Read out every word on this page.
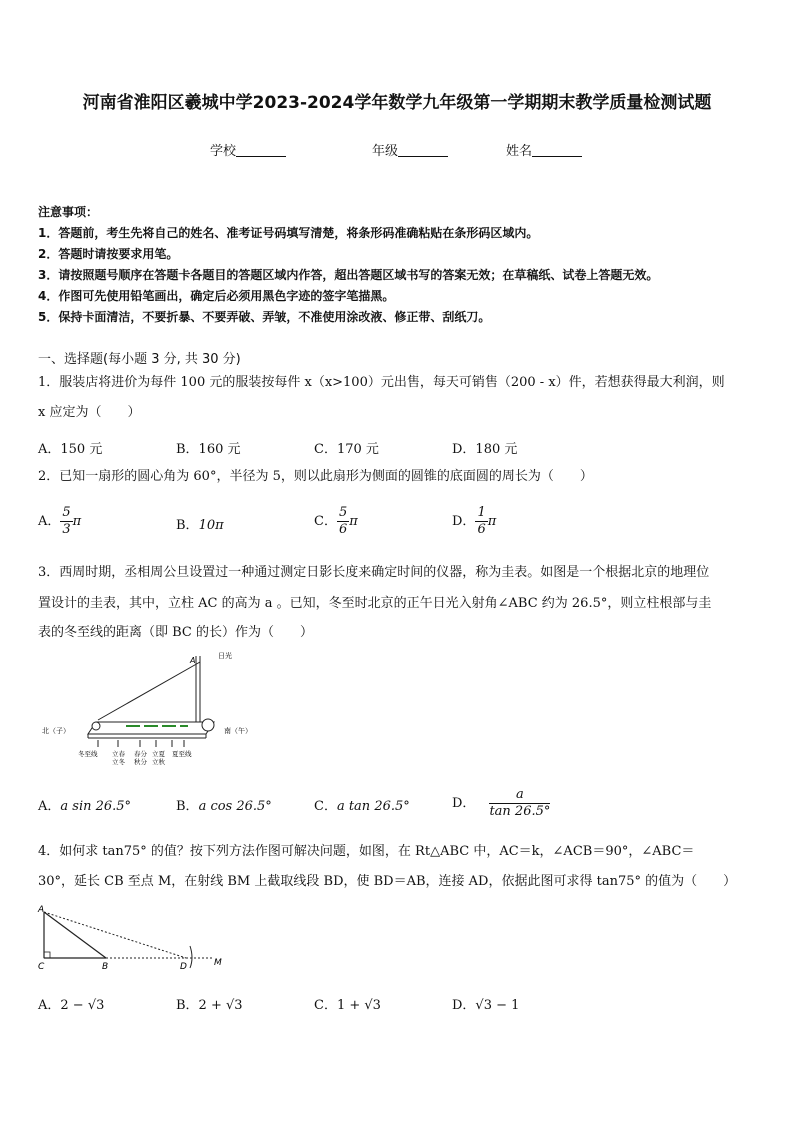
河南省淮阳区羲城中学2023-2024学年数学九年级第一学期期末教学质量检测试题
学校	年级	姓名
注意事项：
1．答题前，考生先将自己的姓名、准考证号码填写清楚，将条形码准确粘贴在条形码区域内。
2．答题时请按要求用笔。
3．请按照题号顺序在答题卡各题目的答题区域内作答，超出答题区域书写的答案无效；在草稿纸、试卷上答题无效。
4．作图可先使用铅笔画出，确定后必须用黑色字迹的签字笔描黑。
5．保持卡面清洁，不要折暴、不要弄破、弄皱，不准使用涂改液、修正带、刮纸刀。
一、选择题(每小题 3 分, 共 30 分)
1．服装店将进价为每件 100 元的服装按每件 x（x>100）元出售，每天可销售（200 - x）件，若想获得最大利润，则
x 应定为（　　）
A．150 元	B．160 元	C．170 元	D．180 元
2．已知一扇形的圆心角为 60°，半径为 5，则以此扇形为侧面的圆锥的底面圆的周长为（　　）
A． $\frac{5}{3}$ π	B．10π	C． $\frac{5}{6}$ π	D． $\frac{1}{6}$ π
3．西周时期，丞相周公旦设置过一种通过测定日影长度来确定时间的仪器，称为圭表。如图是一个根据北京的地理位
置设计的圭表，其中，立柱 AC 的高为 a 。已知，冬至时北京的正午日光入射角∠ABC 约为 26.5°，则立柱根部与圭
表的冬至线的距离（即 BC 的长）作为（　　）
A	日光
北（子）	南（午）
冬至线 立春
立冬
春分
秋分
立夏
立秋
夏至线
A．a sin 26.5°	B．a cos 26.5°	C．a tan 26.5°	D． $\frac{a}{\tan 26.5^\circ}$
4．如何求 tan75° 的值？按下列方法作图可解决问题，如图，在 Rt△ABC 中，AC＝k，∠ACB＝90°，∠ABC＝
30°，延长 CB 至点 M，在射线 BM 上截取线段 BD，使 BD＝AB，连接 AD，依据此图可求得 tan75° 的值为（　　）
A
C	B	D	M
A．2 − √3	B．2 + √3	C．1 + √3	D．√3 − 1
